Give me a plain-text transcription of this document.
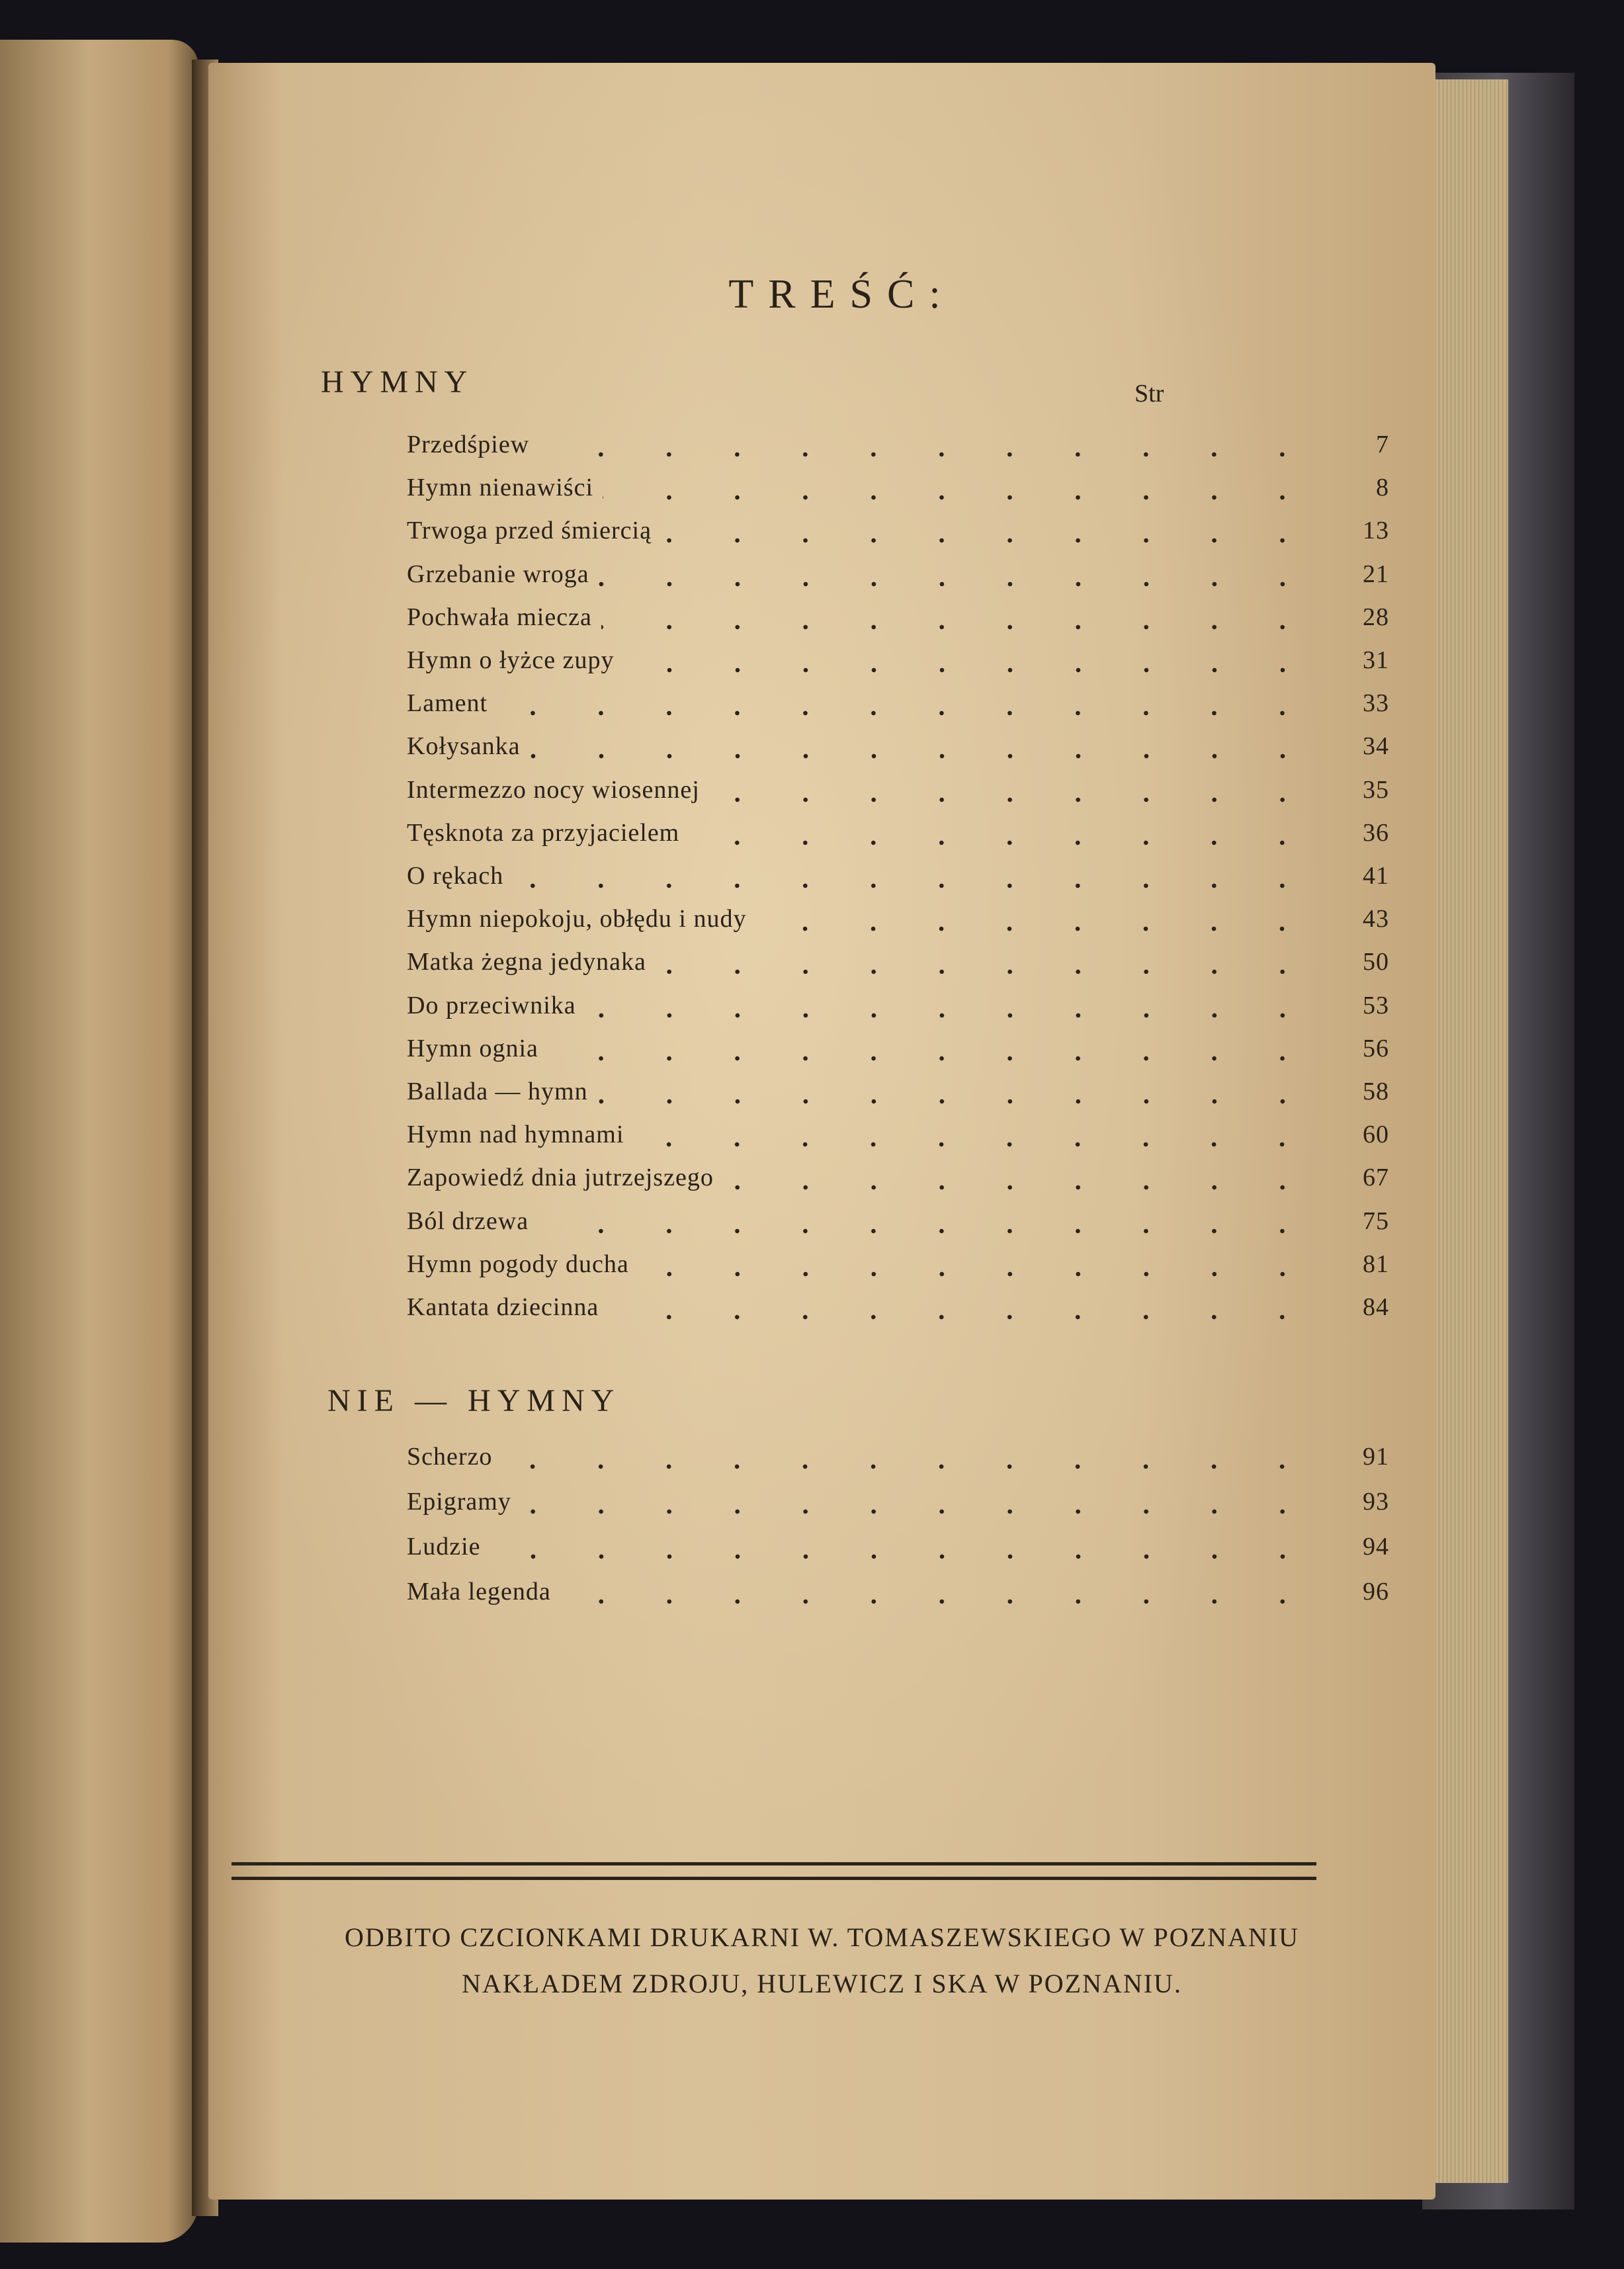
TREŚĆ:
HYMNY	Str
Przedśpiew	7
Hymn nienawiści	8
Trwoga przed śmiercią	13
Grzebanie wroga	21
Pochwała miecza	28
Hymn o łyżce zupy	31
Lament	33
Kołysanka	34
Intermezzo nocy wiosennej	35
Tęsknota za przyjacielem	36
O rękach	41
Hymn niepokoju, obłędu i nudy	43
Matka żegna jedynaka	50
Do przeciwnika	53
Hymn ognia	56
Ballada — hymn	58
Hymn nad hymnami	60
Zapowiedź dnia jutrzejszego	67
Ból drzewa	75
Hymn pogody ducha	81
Kantata dziecinna	84
NIE — HYMNY
Scherzo	91
Epigramy	93
Ludzie	94
Mała legenda	96
ODBITO CZCIONKAMI DRUKARNI W. TOMASZEWSKIEGO W POZNANIU
NAKŁADEM ZDROJU, HULEWICZ I SKA W POZNANIU.
